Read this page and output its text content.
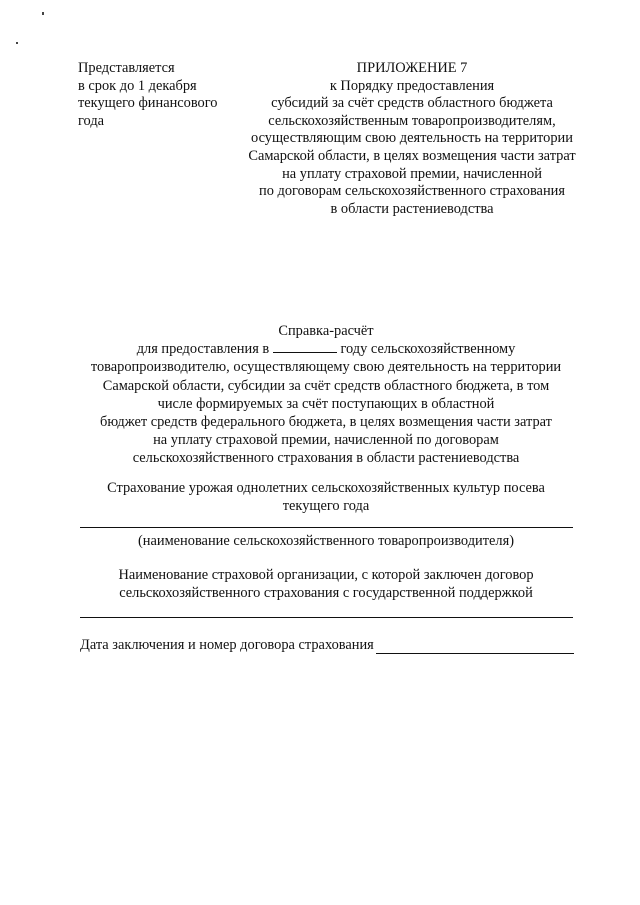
Представляется
в срок до 1 декабря
текущего финансового
года
ПРИЛОЖЕНИЕ 7
к Порядку предоставления
субсидий за счёт средств областного бюджета
сельскохозяйственным товаропроизводителям,
осуществляющим свою деятельность на территории
Самарской области, в целях возмещения части затрат
на уплату страховой премии, начисленной
по договорам сельскохозяйственного страхования
в области растениеводства
Справка-расчёт
для предоставления в	году сельскохозяйственному
товаропроизводителю, осуществляющему свою деятельность на территории
Самарской области, субсидии за счёт средств областного бюджета, в том
числе формируемых за счёт поступающих в областной
бюджет средств федерального бюджета, в целях возмещения части затрат
на уплату страховой премии, начисленной по договорам
сельскохозяйственного страхования в области растениеводства
Страхование урожая однолетних сельскохозяйственных культур посева
текущего года
(наименование сельскохозяйственного товаропроизводителя)
Наименование страховой организации, с которой заключен договор
сельскохозяйственного страхования с государственной поддержкой
Дата заключения и номер договора страхования
